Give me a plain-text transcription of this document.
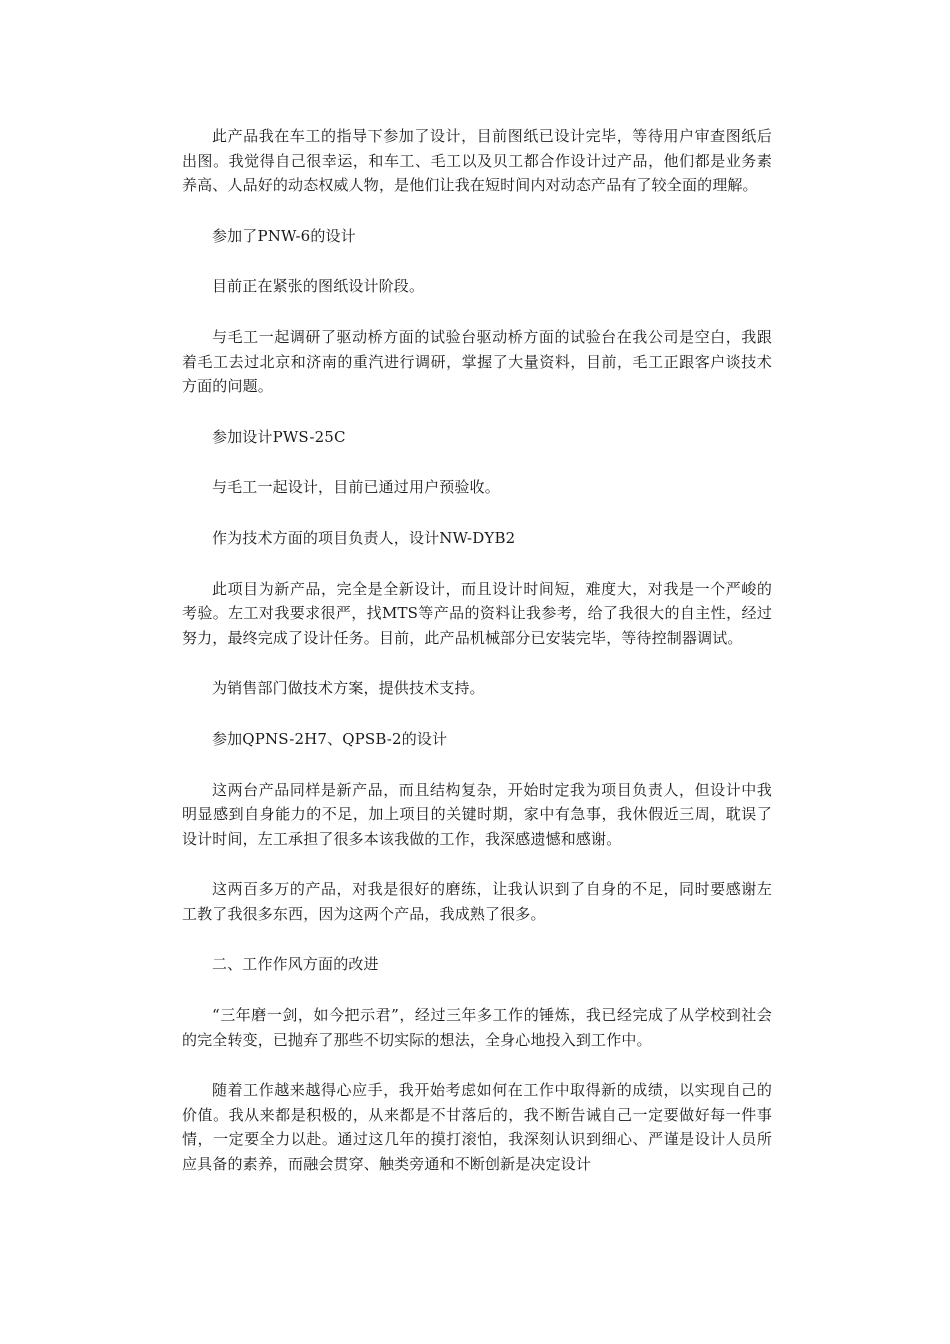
此产品我在车工的指导下参加了设计，目前图纸已设计完毕，等待用户审查图纸后出图。我觉得自己很幸运，和车工、毛工以及贝工都合作设计过产品，他们都是业务素养高、人品好的动态权威人物，是他们让我在短时间内对动态产品有了较全面的理解。

参加了PNW-6的设计

目前正在紧张的图纸设计阶段。

与毛工一起调研了驱动桥方面的试验台驱动桥方面的试验台在我公司是空白，我跟着毛工去过北京和济南的重汽进行调研，掌握了大量资料，目前，毛工正跟客户谈技术方面的问题。

参加设计PWS-25C

与毛工一起设计，目前已通过用户预验收。

作为技术方面的项目负责人，设计NW-DYB2

此项目为新产品，完全是全新设计，而且设计时间短，难度大，对我是一个严峻的考验。左工对我要求很严，找MTS等产品的资料让我参考，给了我很大的自主性，经过努力，最终完成了设计任务。目前，此产品机械部分已安装完毕，等待控制器调试。

为销售部门做技术方案，提供技术支持。

参加QPNS-2H7、QPSB-2的设计

这两台产品同样是新产品，而且结构复杂，开始时定我为项目负责人，但设计中我明显感到自身能力的不足，加上项目的关键时期，家中有急事，我休假近三周，耽误了设计时间，左工承担了很多本该我做的工作，我深感遗憾和感谢。

这两百多万的产品，对我是很好的磨练，让我认识到了自身的不足，同时要感谢左工教了我很多东西，因为这两个产品，我成熟了很多。

二、工作作风方面的改进

“三年磨一剑，如今把示君”，经过三年多工作的锤炼，我已经完成了从学校到社会的完全转变，已抛弃了那些不切实际的想法，全身心地投入到工作中。

随着工作越来越得心应手，我开始考虑如何在工作中取得新的成绩，以实现自己的价值。我从来都是积极的，从来都是不甘落后的，我不断告诫自己一定要做好每一件事情，一定要全力以赴。通过这几年的摸打滚怕，我深刻认识到细心、严谨是设计人员所应具备的素养，而融会贯穿、触类旁通和不断创新是决定设计
